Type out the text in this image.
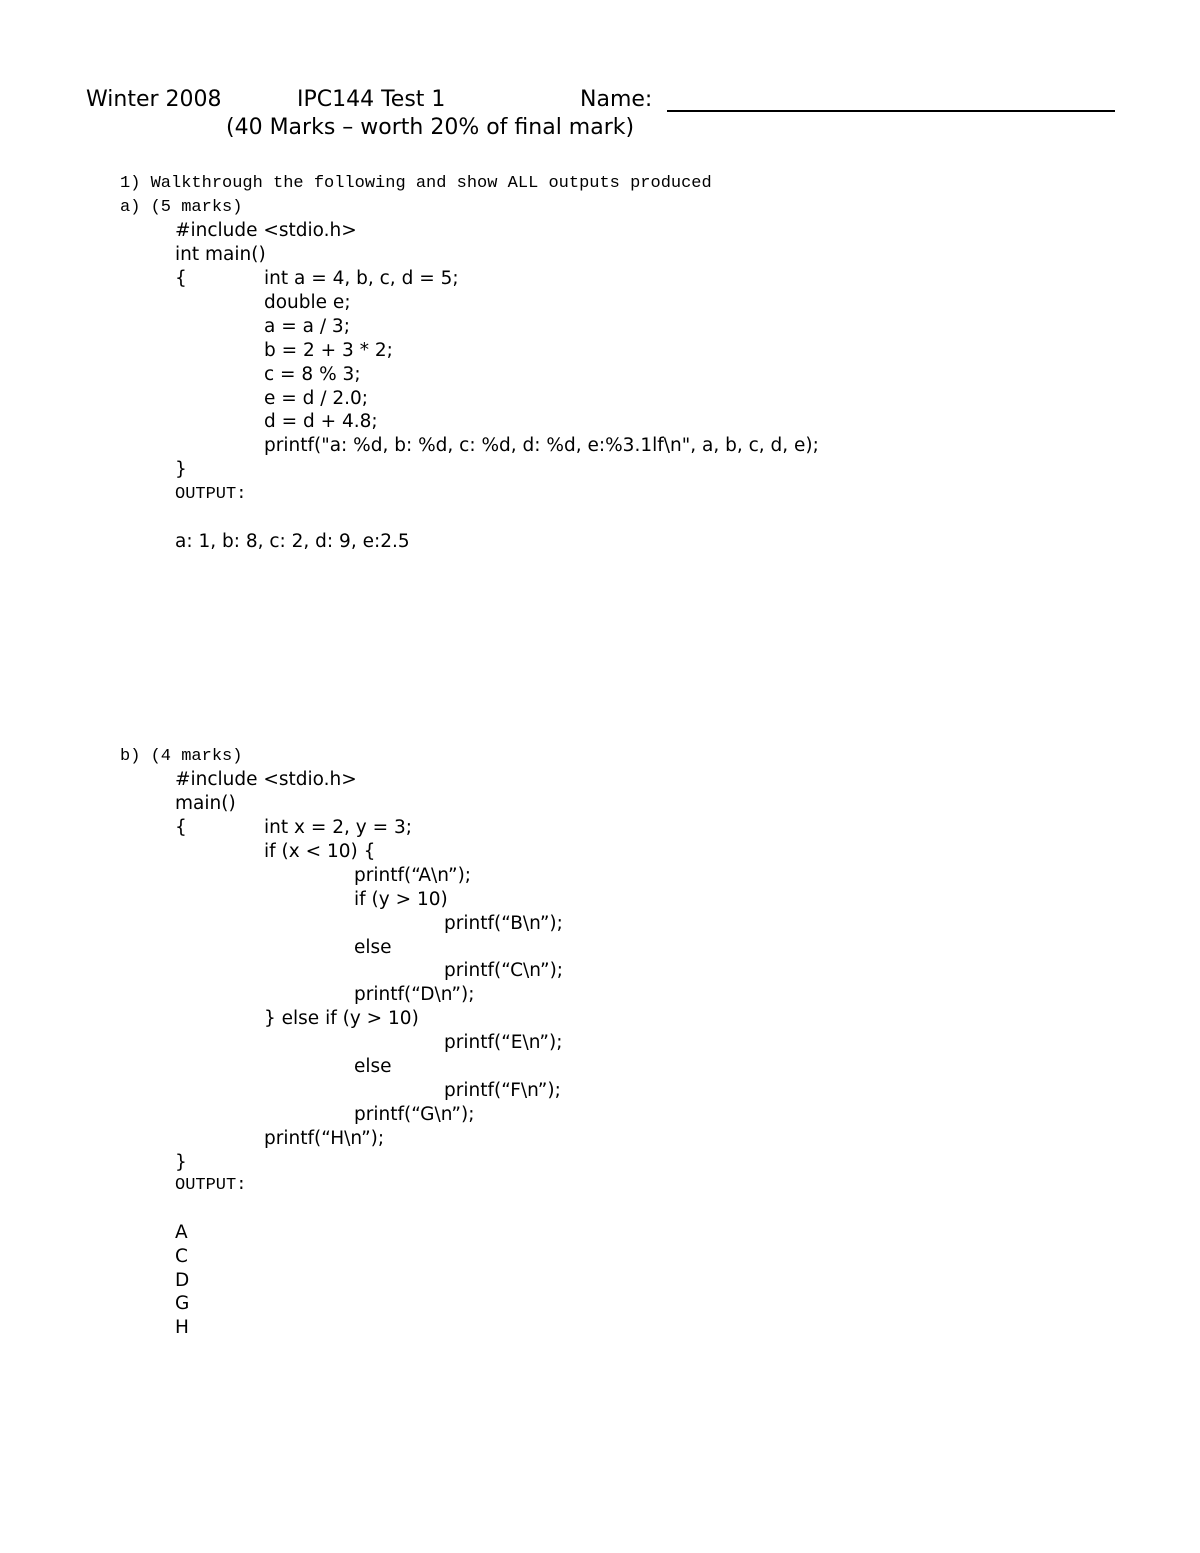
Winter 2008	IPC144 Test 1	Name:
(40 Marks – worth 20% of final mark)
1) Walkthrough the following and show ALL outputs produced
a) (5 marks)
#include <stdio.h>
int main()
{	int a = 4, b, c, d = 5;
double e;
a = a / 3;
b = 2 + 3 * 2;
c = 8 % 3;
e = d / 2.0;
d = d + 4.8;
printf("a: %d, b: %d, c: %d, d: %d, e:%3.1lf\n", a, b, c, d, e);
}
OUTPUT:
a: 1, b: 8, c: 2, d: 9, e:2.5
b) (4 marks)
#include <stdio.h>
main()
{	int x = 2, y = 3;
if (x < 10) {
printf(“A\n”);
if (y > 10)
printf(“B\n”);
else
printf(“C\n”);
printf(“D\n”);
} else if (y > 10)
printf(“E\n”);
else
printf(“F\n”);
printf(“G\n”);
printf(“H\n”);
}
OUTPUT:
A
C
D
G
H
